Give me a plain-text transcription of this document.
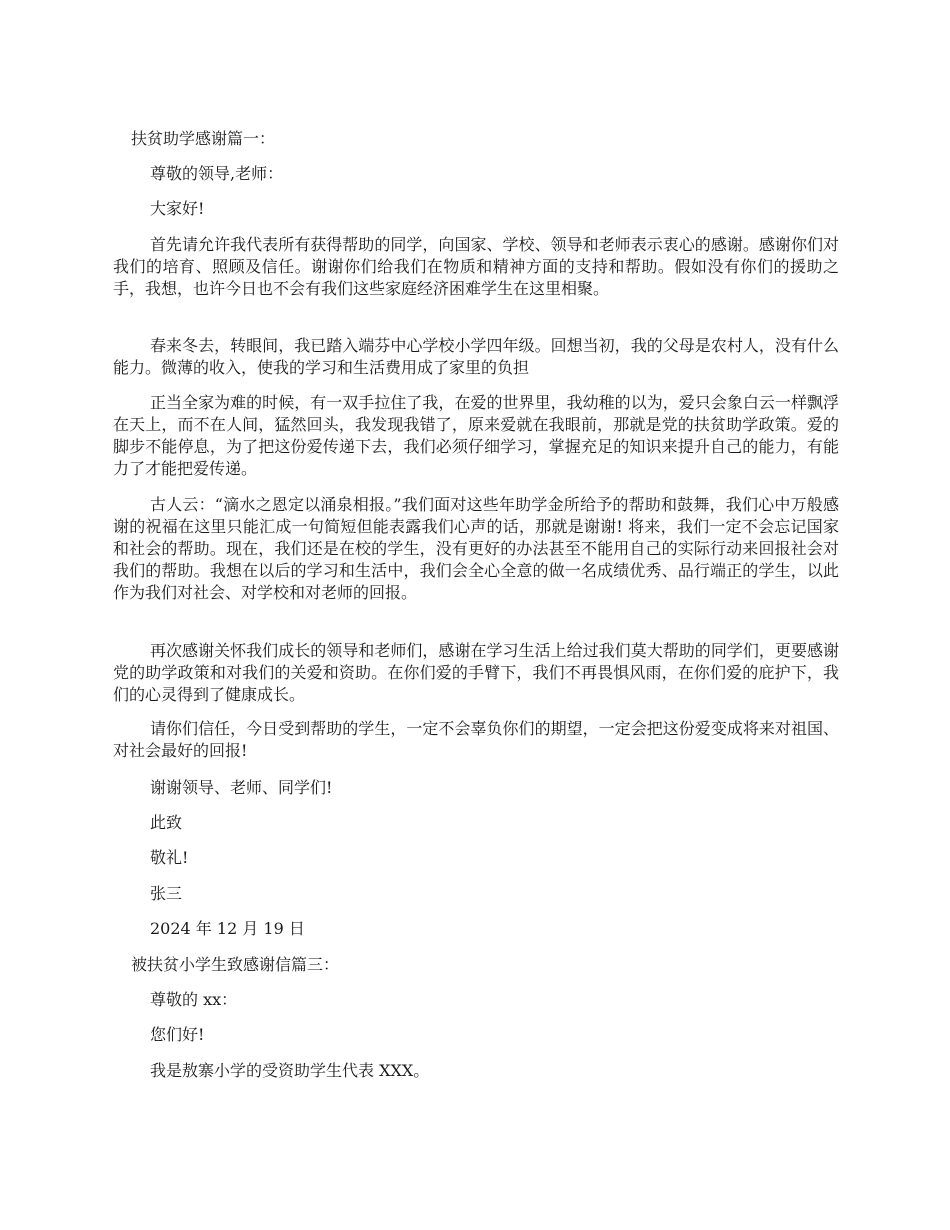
扶贫助学感谢篇一：
尊敬的领导,老师：
大家好!
首先请允许我代表所有获得帮助的同学，向国家、学校、领导和老师表示衷心的感谢。感谢你们对我们的培育、照顾及信任。谢谢你们给我们在物质和精神方面的支持和帮助。假如没有你们的援助之手，我想，也许今日也不会有我们这些家庭经济困难学生在这里相聚。
春来冬去，转眼间，我已踏入端芬中心学校小学四年级。回想当初，我的父母是农村人，没有什么能力。微薄的收入，使我的学习和生活费用成了家里的负担
正当全家为难的时候，有一双手拉住了我，在爱的世界里，我幼稚的以为，爱只会象白云一样飘浮在天上，而不在人间，猛然回头，我发现我错了，原来爱就在我眼前，那就是党的扶贫助学政策。爱的脚步不能停息，为了把这份爱传递下去，我们必须仔细学习，掌握充足的知识来提升自己的能力，有能力了才能把爱传递。
古人云：“滴水之恩定以涌泉相报。”我们面对这些年助学金所给予的帮助和鼓舞，我们心中万般感谢的祝福在这里只能汇成一句简短但能表露我们心声的话，那就是谢谢! 将来，我们一定不会忘记国家和社会的帮助。现在，我们还是在校的学生，没有更好的办法甚至不能用自己的实际行动来回报社会对我们的帮助。我想在以后的学习和生活中，我们会全心全意的做一名成绩优秀、品行端正的学生，以此作为我们对社会、对学校和对老师的回报。
再次感谢关怀我们成长的领导和老师们，感谢在学习生活上给过我们莫大帮助的同学们，更要感谢党的助学政策和对我们的关爱和资助。在你们爱的手臂下，我们不再畏惧风雨，在你们爱的庇护下，我们的心灵得到了健康成长。
请你们信任，今日受到帮助的学生，一定不会辜负你们的期望，一定会把这份爱变成将来对祖国、对社会最好的回报!
谢谢领导、老师、同学们!
此致
敬礼!
张三
2024 年 12 月 19 日
被扶贫小学生致感谢信篇三：
尊敬的 xx：
您们好!
我是敖寨小学的受资助学生代表 XXX。
